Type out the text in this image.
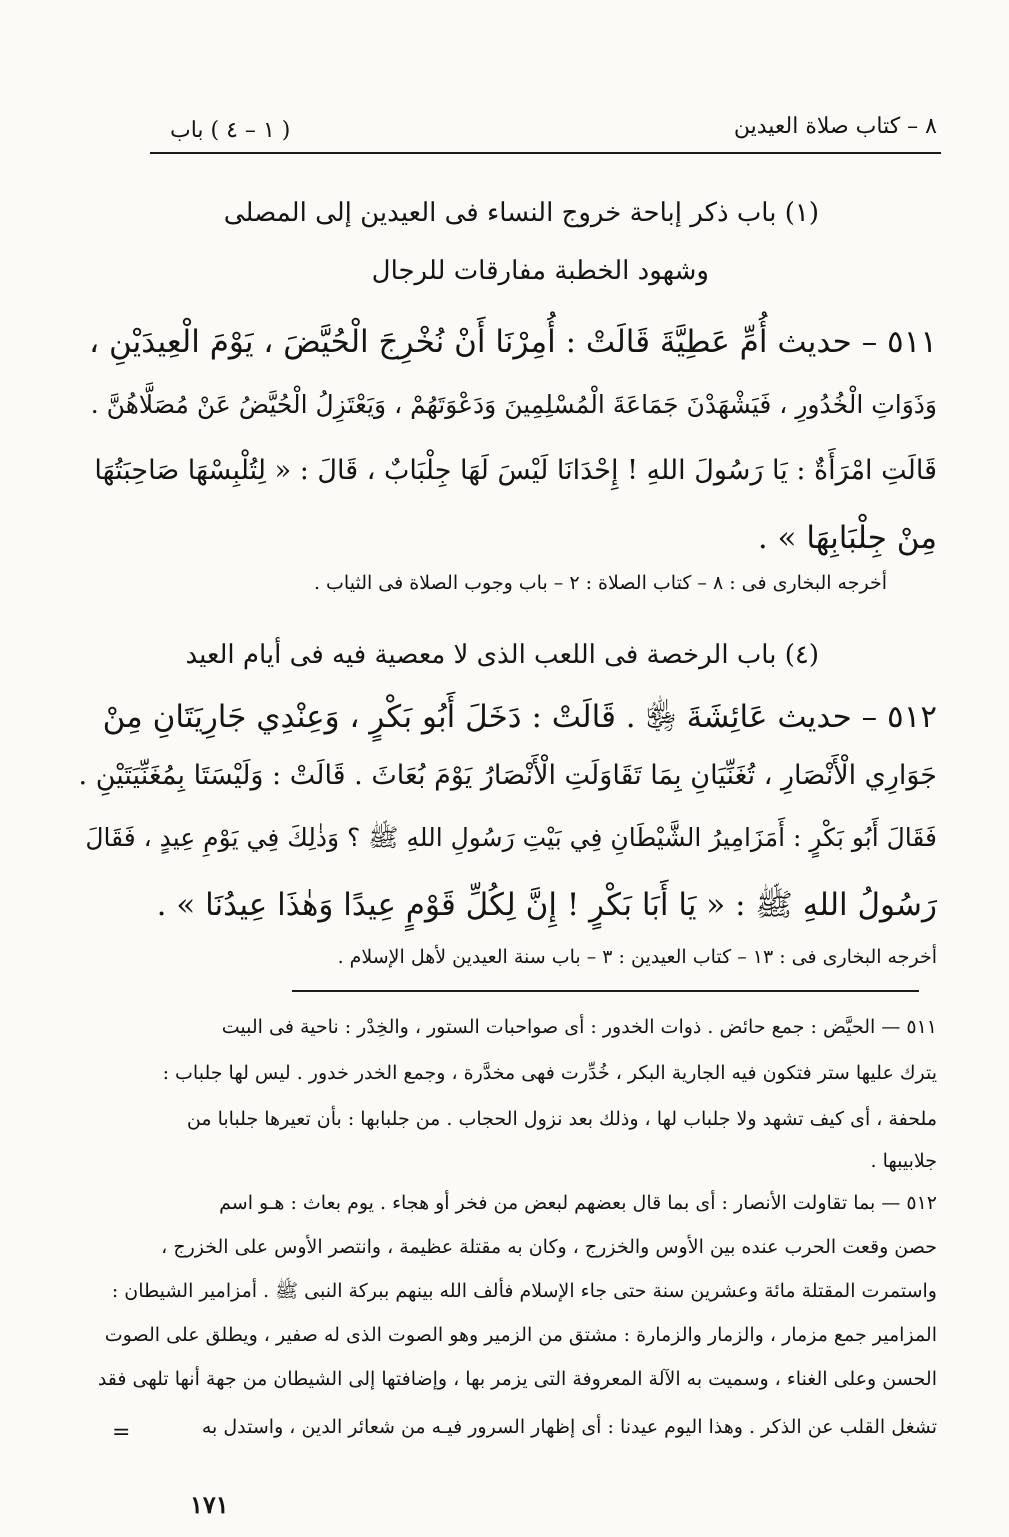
٨ – كتاب صلاة العيدين
( ١ – ٤ ) باب
(١) باب ذكر إباحة خروج النساء فى العيدين إلى المصلى
وشهود الخطبة مفارقات للرجال
٥١١ – حديث أُمِّ عَطِيَّةَ قَالَتْ : أُمِرْنَا أَنْ نُخْرِجَ الْحُيَّضَ ، يَوْمَ الْعِيدَيْنِ ،
وَذَوَاتِ الْخُدُورِ ، فَيَشْهَدْنَ جَمَاعَةَ الْمُسْلِمِينَ وَدَعْوَتَهُمْ ، وَيَعْتَزِلُ الْحُيَّضُ عَنْ مُصَلَّاهُنَّ .
قَالَتِ امْرَأَةٌ : يَا رَسُولَ اللهِ ! إِحْدَانَا لَيْسَ لَهَا جِلْبَابٌ ، قَالَ : « لِتُلْبِسْهَا صَاحِبَتُهَا
مِنْ جِلْبَابِهَا » .
أخرجه البخارى فى : ٨ – كتاب الصلاة : ٢ – باب وجوب الصلاة فى الثياب .
(٤) باب الرخصة فى اللعب الذى لا معصية فيه فى أيام العيد
٥١٢ – حديث عَائِشَةَ ﵂ . قَالَتْ : دَخَلَ أَبُو بَكْرٍ ، وَعِنْدِي جَارِيَتَانِ مِنْ
جَوَارِي الْأَنْصَارِ ، تُغَنِّيَانِ بِمَا تَقَاوَلَتِ الْأَنْصَارُ يَوْمَ بُعَاثَ . قَالَتْ : وَلَيْسَتَا بِمُغَنِّيَتَيْنِ .
فَقَالَ أَبُو بَكْرٍ : أَمَزَامِيرُ الشَّيْطَانِ فِي بَيْتِ رَسُولِ اللهِ ﷺ ؟ وَذٰلِكَ فِي يَوْمِ عِيدٍ ، فَقَالَ
رَسُولُ اللهِ ﷺ : « يَا أَبَا بَكْرٍ ! إِنَّ لِكُلِّ قَوْمٍ عِيدًا وَهٰذَا عِيدُنَا » .
أخرجه البخارى فى : ١٣ – كتاب العيدين : ٣ – باب سنة العيدين لأهل الإسلام .
٥١١ — الحيَّض : جمع حائض . ذوات الخدور : أى صواحبات الستور ، والخِدْر : ناحية فى البيت
يترك عليها ستر فتكون فيه الجارية البكر ، خُدِّرت فهى مخدَّرة ، وجمع الخدر خدور . ليس لها جلباب :
ملحفة ، أى كيف تشهد ولا جلباب لها ، وذلك بعد نزول الحجاب . من جلبابها : بأن تعيرها جلبابا من
جلابيبها .
٥١٢ — بما تقاولت الأنصار : أى بما قال بعضهم لبعض من فخر أو هجاء . يوم بعاث : هـو اسم
حصن وقعت الحرب عنده بين الأوس والخزرج ، وكان به مقتلة عظيمة ، وانتصر الأوس على الخزرج ،
واستمرت المقتلة مائة وعشرين سنة حتى جاء الإسلام فألف الله بينهم ببركة النبى ﷺ . أمزامير الشيطان :
المزامير جمع مزمار ، والزمار والزمارة : مشتق من الزمير وهو الصوت الذى له صفير ، ويطلق على الصوت
الحسن وعلى الغناء ، وسميت به الآلة المعروفة التى يزمر بها ، وإضافتها إلى الشيطان من جهة أنها تلهى فقد
تشغل القلب عن الذكر . وهذا اليوم عيدنا : أى إظهار السرور فيـه من شعائر الدين ، واستدل به
=
١٧١
